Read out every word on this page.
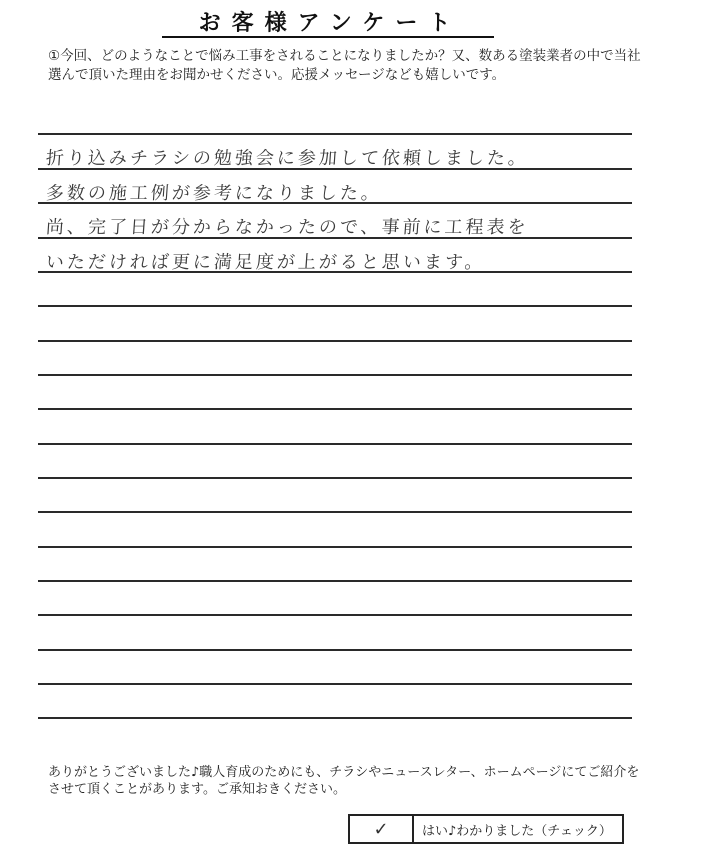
お客様アンケート
①今回、どのようなことで悩み工事をされることになりましたか？又、数ある塗装業者の中で当社選んで頂いた理由をお聞かせください。応援メッセージなども嬉しいです。
折り込みチラシの勉強会に参加して依頼しました。
多数の施工例が参考になりました。
尚、完了日が分からなかったので、事前に工程表を
いただければ更に満足度が上がると思います。
ありがとうございました♪職人育成のためにも、チラシやニュースレター、ホームページにてご紹介をさせて頂くことがあります。ご承知おきください。
✓	はい♪わかりました（チェック）
